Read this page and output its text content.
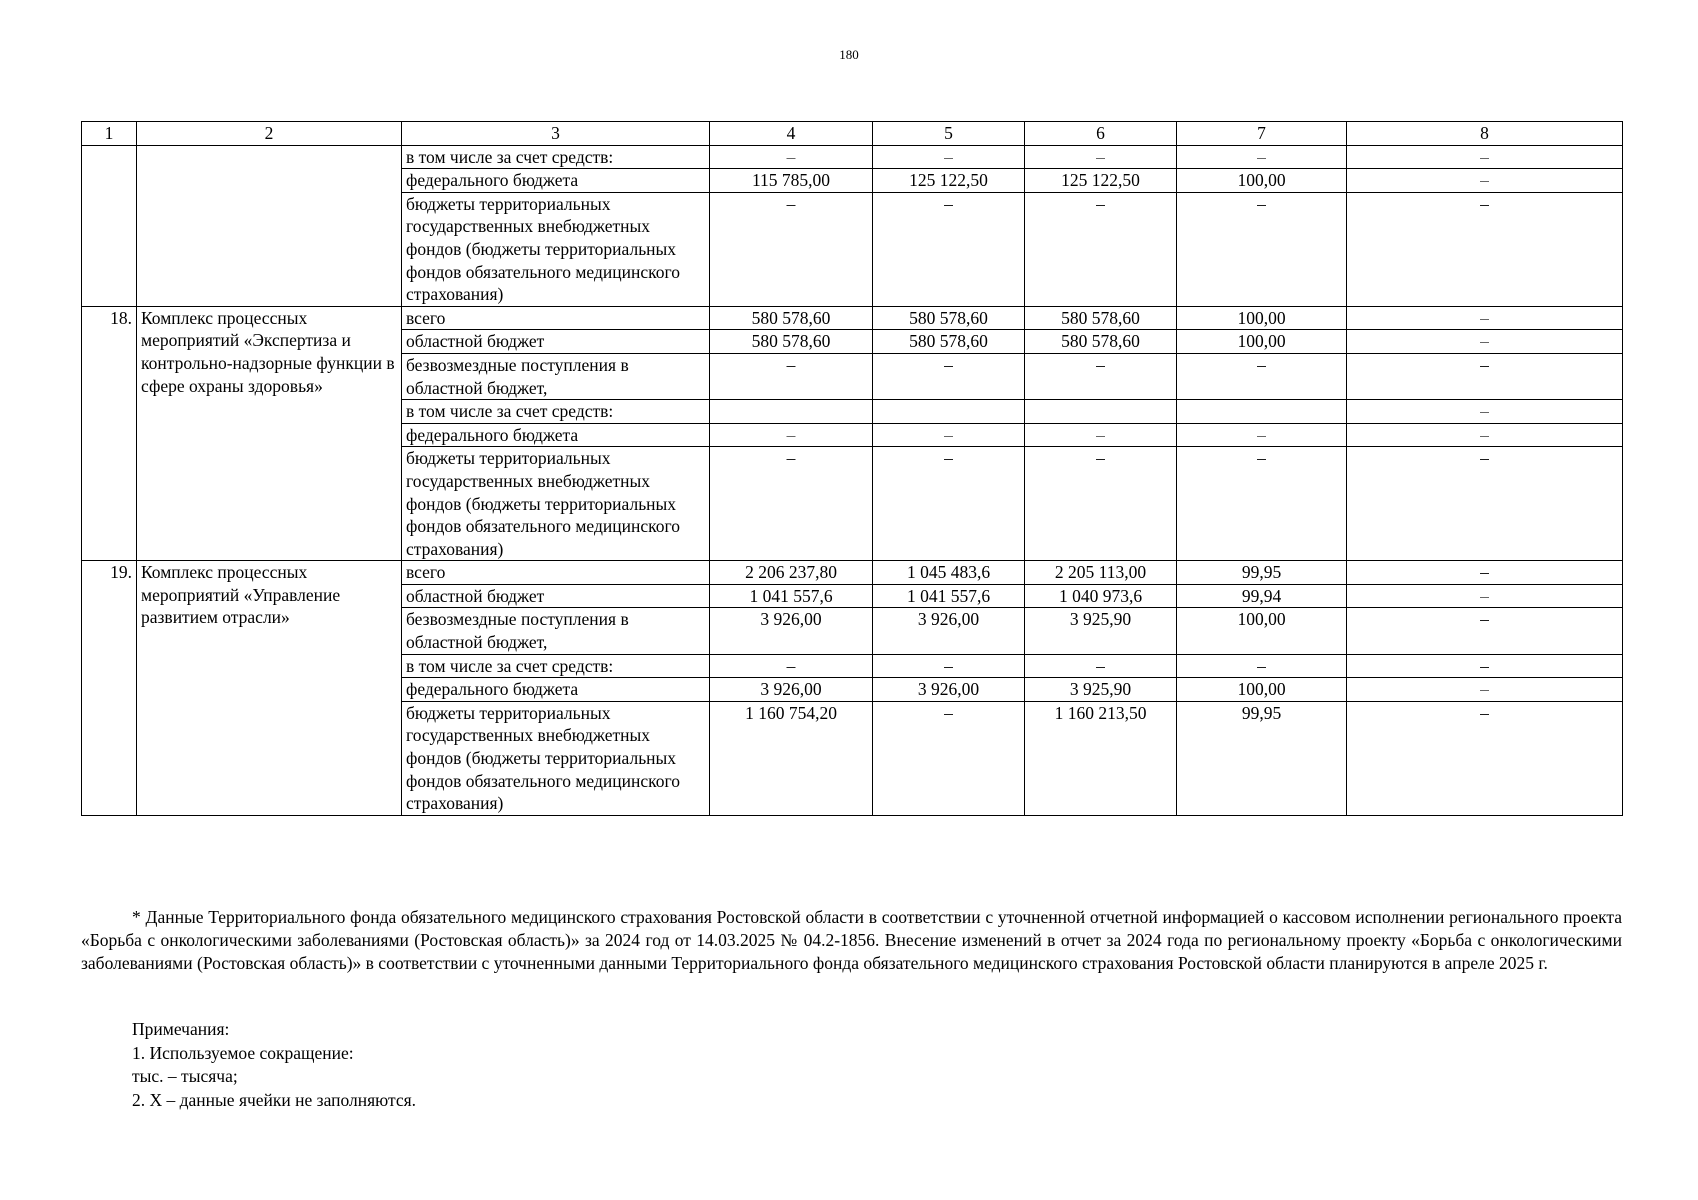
180
1	2	3	4	5	6	7	8
		в том числе за счет средств:	–	–	–	–	–
		федерального бюджета	115 785,00	125 122,50	125 122,50	100,00	–
		бюджеты территориальных государственных внебюджетных фондов (бюджеты территориальных фондов обязательного медицинского страхования)	–	–	–	–	–
18.	Комплекс процессных мероприятий «Экспертиза и контрольно-надзорные функции в сфере охраны здоровья»	всего	580 578,60	580 578,60	580 578,60	100,00	–
		областной бюджет	580 578,60	580 578,60	580 578,60	100,00	–
		безвозмездные поступления в областной бюджет,	–	–	–	–	–
		в том числе за счет средств:					–
		федерального бюджета	–	–	–	–	–
		бюджеты территориальных государственных внебюджетных фондов (бюджеты территориальных фондов обязательного медицинского страхования)	–	–	–	–	–
19.	Комплекс процессных мероприятий «Управление развитием отрасли»	всего	2 206 237,80	1 045 483,6	2 205 113,00	99,95	–
		областной бюджет	1 041 557,6	1 041 557,6	1 040 973,6	99,94	–
		безвозмездные поступления в областной бюджет,	3 926,00	3 926,00	3 925,90	100,00	–
		в том числе за счет средств:	–	–	–	–	–
		федерального бюджета	3 926,00	3 926,00	3 925,90	100,00	–
		бюджеты территориальных государственных внебюджетных фондов (бюджеты территориальных фондов обязательного медицинского страхования)	1 160 754,20	–	1 160 213,50	99,95	–

* Данные Территориального фонда обязательного медицинского страхования Ростовской области в соответствии с уточненной отчетной информацией о кассовом исполнении регионального проекта «Борьба с онкологическими заболеваниями (Ростовская область)» за 2024 год от 14.03.2025 № 04.2-1856. Внесение изменений в отчет за 2024 года по региональному проекту «Борьба с онкологическими заболеваниями (Ростовская область)» в соответствии с уточненными данными Территориального фонда обязательного медицинского страхования Ростовской области планируются в апреле 2025 г.

Примечания:
1. Используемое сокращение:
тыс. – тысяча;
2. Х – данные ячейки не заполняются.
